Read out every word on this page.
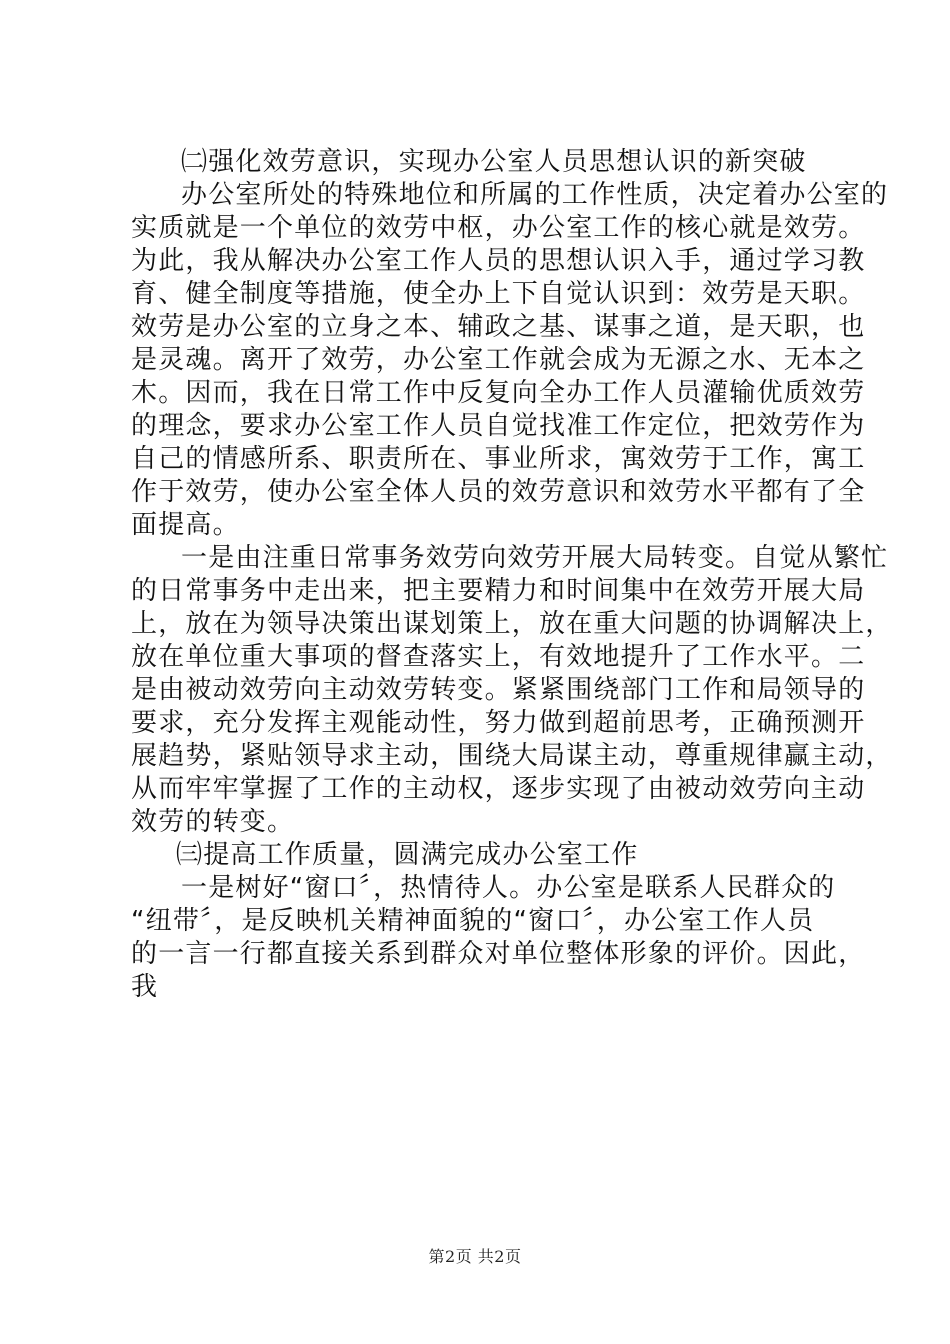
㈡强化效劳意识，实现办公室人员思想认识的新突破
办公室所处的特殊地位和所属的工作性质，决定着办公室的
实质就是一个单位的效劳中枢，办公室工作的核心就是效劳。
为此，我从解决办公室工作人员的思想认识入手，通过学习教
育、健全制度等措施，使全办上下自觉认识到：效劳是天职。
效劳是办公室的立身之本、辅政之基、谋事之道，是天职，也
是灵魂。离开了效劳，办公室工作就会成为无源之水、无本之
木。因而，我在日常工作中反复向全办工作人员灌输优质效劳
的理念，要求办公室工作人员自觉找准工作定位，把效劳作为
自己的情感所系、职责所在、事业所求，寓效劳于工作，寓工
作于效劳，使办公室全体人员的效劳意识和效劳水平都有了全
面提高。
一是由注重日常事务效劳向效劳开展大局转变。自觉从繁忙
的日常事务中走出来，把主要精力和时间集中在效劳开展大局
上，放在为领导决策出谋划策上，放在重大问题的协调解决上，
放在单位重大事项的督查落实上，有效地提升了工作水平。二
是由被动效劳向主动效劳转变。紧紧围绕部门工作和局领导的
要求，充分发挥主观能动性，努力做到超前思考，正确预测开
展趋势，紧贴领导求主动，围绕大局谋主动，尊重规律赢主动，
从而牢牢掌握了工作的主动权，逐步实现了由被动效劳向主动
效劳的转变。
㈢提高工作质量，圆满完成办公室工作
一是树好“窗口〞，热情待人。办公室是联系人民群众的
“纽带〞，是反映机关精神面貌的“窗口〞，办公室工作人员
的一言一行都直接关系到群众对单位整体形象的评价。因此，
我
第2页 共2页
